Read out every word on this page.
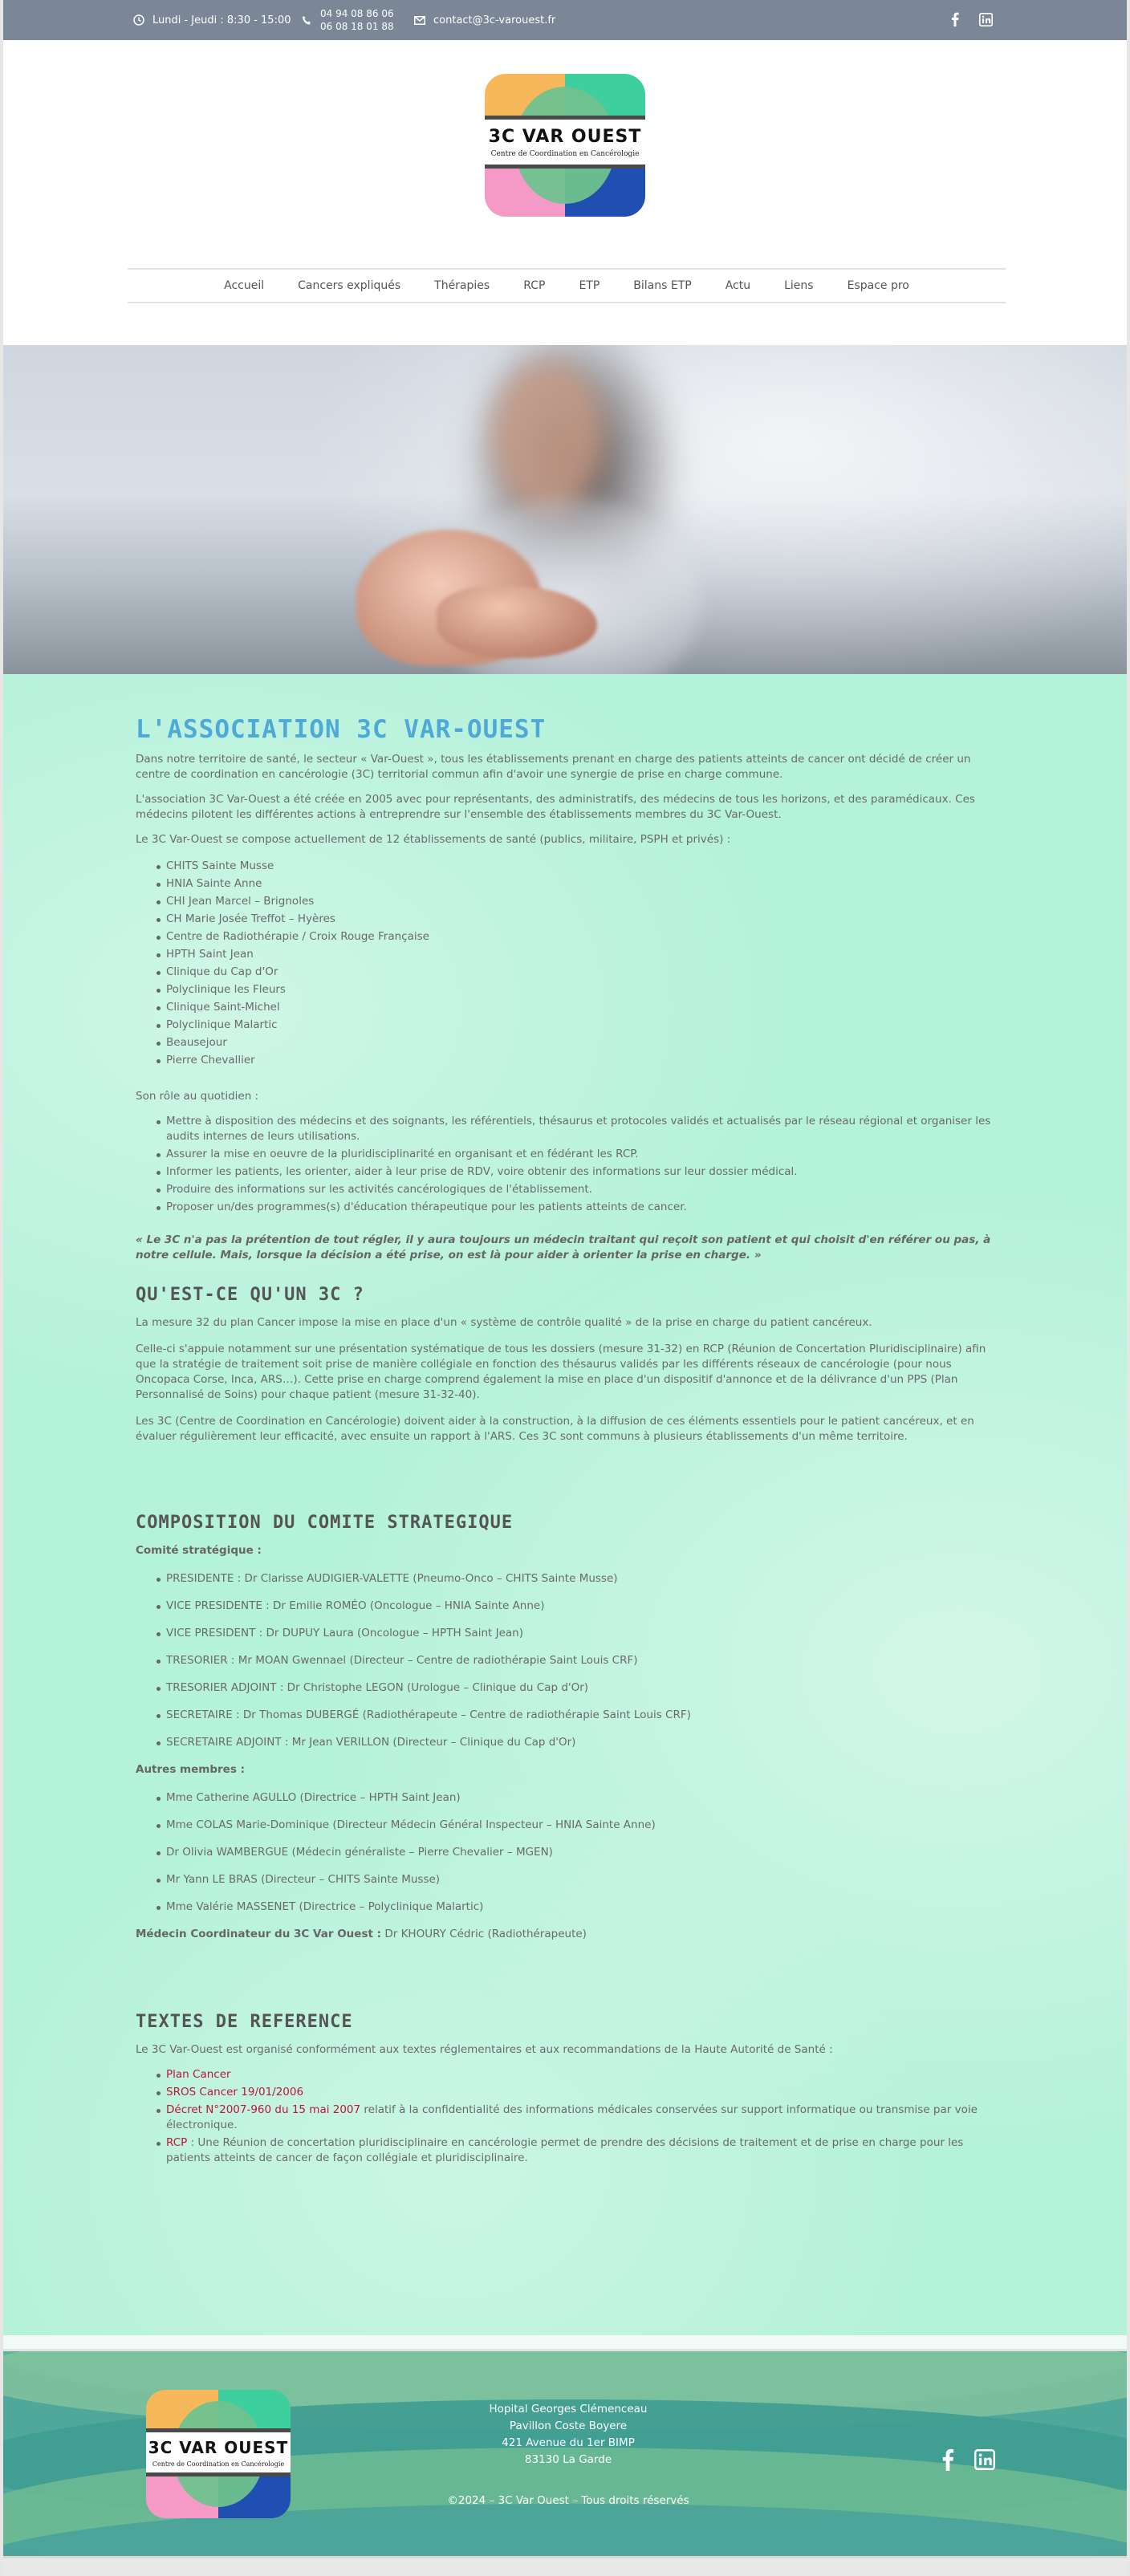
Lundi - Jeudi : 8:30 - 15:00
04 94 08 86 06
06 08 18 01 88
contact@3c-varouest.fr
3C VAR OUEST
Centre de Coordination en Cancérologie
Accueil	Cancers expliqués	Thérapies	RCP	ETP	Bilans ETP	Actu	Liens	Espace pro
L'ASSOCIATION 3C VAR-OUEST

Dans notre territoire de santé, le secteur « Var-Ouest », tous les établissements prenant en charge des patients atteints de cancer ont décidé de créer un centre de coordination en cancérologie (3C) territorial commun afin d'avoir une synergie de prise en charge commune.

L'association 3C Var-Ouest a été créée en 2005 avec pour représentants, des administratifs, des médecins de tous les horizons, et des paramédicaux. Ces médecins pilotent les différentes actions à entreprendre sur l'ensemble des établissements membres du 3C Var-Ouest.

Le 3C Var-Ouest se compose actuellement de 12 établissements de santé (publics, militaire, PSPH et privés) :

CHITS Sainte Musse
HNIA Sainte Anne
CHI Jean Marcel – Brignoles
CH Marie Josée Treffot – Hyères
Centre de Radiothérapie / Croix Rouge Française
HPTH Saint Jean
Clinique du Cap d'Or
Polyclinique les Fleurs
Clinique Saint-Michel
Polyclinique Malartic
Beausejour
Pierre Chevallier

Son rôle au quotidien :

Mettre à disposition des médecins et des soignants, les référentiels, thésaurus et protocoles validés et actualisés par le réseau régional et organiser les audits internes de leurs utilisations.
Assurer la mise en oeuvre de la pluridisciplinarité en organisant et en fédérant les RCP.
Informer les patients, les orienter, aider à leur prise de RDV, voire obtenir des informations sur leur dossier médical.
Produire des informations sur les activités cancérologiques de l'établissement.
Proposer un/des programmes(s) d'éducation thérapeutique pour les patients atteints de cancer.

« Le 3C n'a pas la prétention de tout régler, il y aura toujours un médecin traitant qui reçoit son patient et qui choisit d'en référer ou pas, à notre cellule. Mais, lorsque la décision a été prise, on est là pour aider à orienter la prise en charge. »

QU'EST-CE QU'UN 3C ?

La mesure 32 du plan Cancer impose la mise en place d'un « système de contrôle qualité » de la prise en charge du patient cancéreux.

Celle-ci s'appuie notamment sur une présentation systématique de tous les dossiers (mesure 31-32) en RCP (Réunion de Concertation Pluridisciplinaire) afin que la stratégie de traitement soit prise de manière collégiale en fonction des thésaurus validés par les différents réseaux de cancérologie (pour nous Oncopaca Corse, Inca, ARS…). Cette prise en charge comprend également la mise en place d'un dispositif d'annonce et de la délivrance d'un PPS (Plan Personnalisé de Soins) pour chaque patient (mesure 31-32-40).

Les 3C (Centre de Coordination en Cancérologie) doivent aider à la construction, à la diffusion de ces éléments essentiels pour le patient cancéreux, et en évaluer régulièrement leur efficacité, avec ensuite un rapport à l'ARS. Ces 3C sont communs à plusieurs établissements d'un même territoire.

COMPOSITION DU COMITE STRATEGIQUE

Comité stratégique :

PRESIDENTE : Dr Clarisse AUDIGIER-VALETTE (Pneumo-Onco – CHITS Sainte Musse)
VICE PRESIDENTE : Dr Emilie ROMÉO (Oncologue – HNIA Sainte Anne)
VICE PRESIDENT : Dr DUPUY Laura (Oncologue – HPTH Saint Jean)
TRESORIER : Mr MOAN Gwennael (Directeur – Centre de radiothérapie Saint Louis CRF)
TRESORIER ADJOINT : Dr Christophe LEGON (Urologue – Clinique du Cap d'Or)
SECRETAIRE : Dr Thomas DUBERGÉ (Radiothérapeute – Centre de radiothérapie Saint Louis CRF)
SECRETAIRE ADJOINT : Mr Jean VERILLON (Directeur – Clinique du Cap d'Or)

Autres membres :

Mme Catherine AGULLO (Directrice – HPTH Saint Jean)
Mme COLAS Marie-Dominique (Directeur Médecin Général Inspecteur – HNIA Sainte Anne)
Dr Olivia WAMBERGUE (Médecin généraliste – Pierre Chevalier – MGEN)
Mr Yann LE BRAS (Directeur – CHITS Sainte Musse)
Mme Valérie MASSENET (Directrice – Polyclinique Malartic)

Médecin Coordinateur du 3C Var Ouest : Dr KHOURY Cédric (Radiothérapeute)

TEXTES DE REFERENCE

Le 3C Var-Ouest est organisé conformément aux textes réglementaires et aux recommandations de la Haute Autorité de Santé :

Plan Cancer
SROS Cancer 19/01/2006
Décret N°2007-960 du 15 mai 2007 relatif à la confidentialité des informations médicales conservées sur support informatique ou transmise par voie électronique.
RCP : Une Réunion de concertation pluridisciplinaire en cancérologie permet de prendre des décisions de traitement et de prise en charge pour les patients atteints de cancer de façon collégiale et pluridisciplinaire.
3C VAR OUEST
Centre de Coordination en Cancérologie
Hopital Georges Clémenceau
Pavillon Coste Boyere
421 Avenue du 1er BIMP
83130 La Garde
©2024 – 3C Var Ouest – Tous droits réservés
